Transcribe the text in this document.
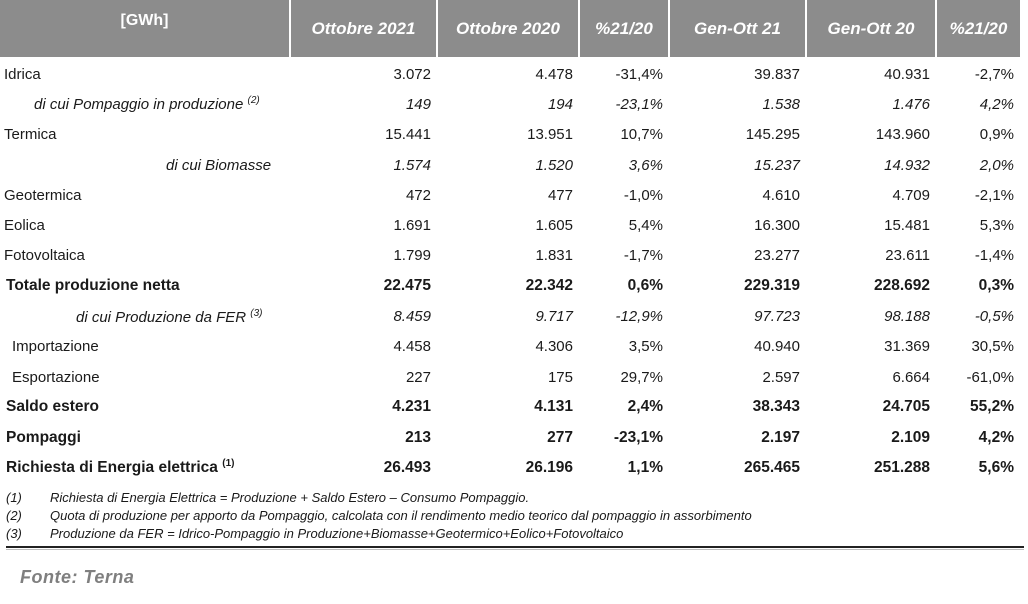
[GWh]	Ottobre 2021	Ottobre 2020	%21/20	Gen-Ott 21	Gen-Ott 20	%21/20
Idrica	3.072	4.478	-31,4%	39.837	40.931	-2,7%
di cui Pompaggio in produzione $^{(2)}$	149	194	-23,1%	1.538	1.476	4,2%
Termica	15.441	13.951	10,7%	145.295	143.960	0,9%
di cui Biomasse	1.574	1.520	3,6%	15.237	14.932	2,0%
Geotermica	472	477	-1,0%	4.610	4.709	-2,1%
Eolica	1.691	1.605	5,4%	16.300	15.481	5,3%
Fotovoltaica	1.799	1.831	-1,7%	23.277	23.611	-1,4%
Totale produzione netta	22.475	22.342	0,6%	229.319	228.692	0,3%
di cui Produzione da FER $^{(3)}$	8.459	9.717	-12,9%	97.723	98.188	-0,5%
Importazione	4.458	4.306	3,5%	40.940	31.369	30,5%
Esportazione	227	175	29,7%	2.597	6.664	-61,0%
Saldo estero	4.231	4.131	2,4%	38.343	24.705	55,2%
Pompaggi	213	277	-23,1%	2.197	2.109	4,2%
Richiesta di Energia elettrica $^{(1)}$	26.493	26.196	1,1%	265.465	251.288	5,6%
(1)	Richiesta di Energia Elettrica = Produzione + Saldo Estero – Consumo Pompaggio.
(2)	Quota di produzione per apporto da Pompaggio, calcolata con il rendimento medio teorico dal pompaggio in assorbimento
(3)	Produzione da FER = Idrico-Pompaggio in Produzione+Biomasse+Geotermico+Eolico+Fotovoltaico
Fonte: Terna
